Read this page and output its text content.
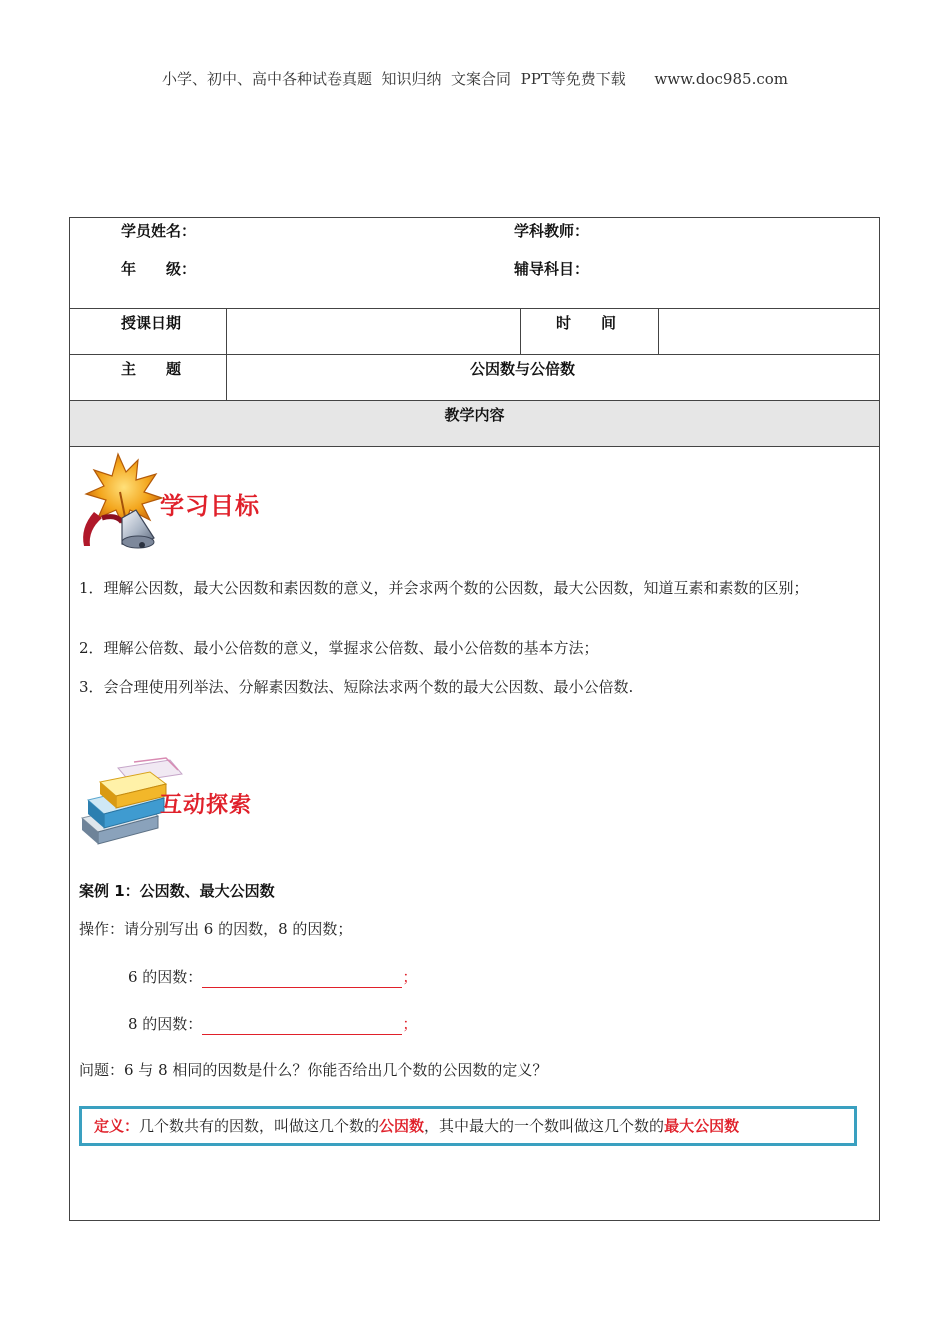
小学、初中、高中各种试卷真题  知识归纳  文案合同  PPT等免费下载      www.doc985.com
学员姓名：	学科教师：
年　　级：	辅导科目：
授课日期	时　　间
主　　题	公因数与公倍数
教学内容
学习目标
1．理解公因数，最大公因数和素因数的意义，并会求两个数的公因数，最大公因数，知道互素和素数的区别；
2．理解公倍数、最小公倍数的意义，掌握求公倍数、最小公倍数的基本方法；
3．会合理使用列举法、分解素因数法、短除法求两个数的最大公因数、最小公倍数.
互动探索
案例 1：公因数、最大公因数
操作：请分别写出 6 的因数，8 的因数；
6 的因数：	；
8 的因数：	；
问题：6 与 8 相同的因数是什么？你能否给出几个数的公因数的定义？
定义：几个数共有的因数，叫做这几个数的公因数，其中最大的一个数叫做这几个数的最大公因数
